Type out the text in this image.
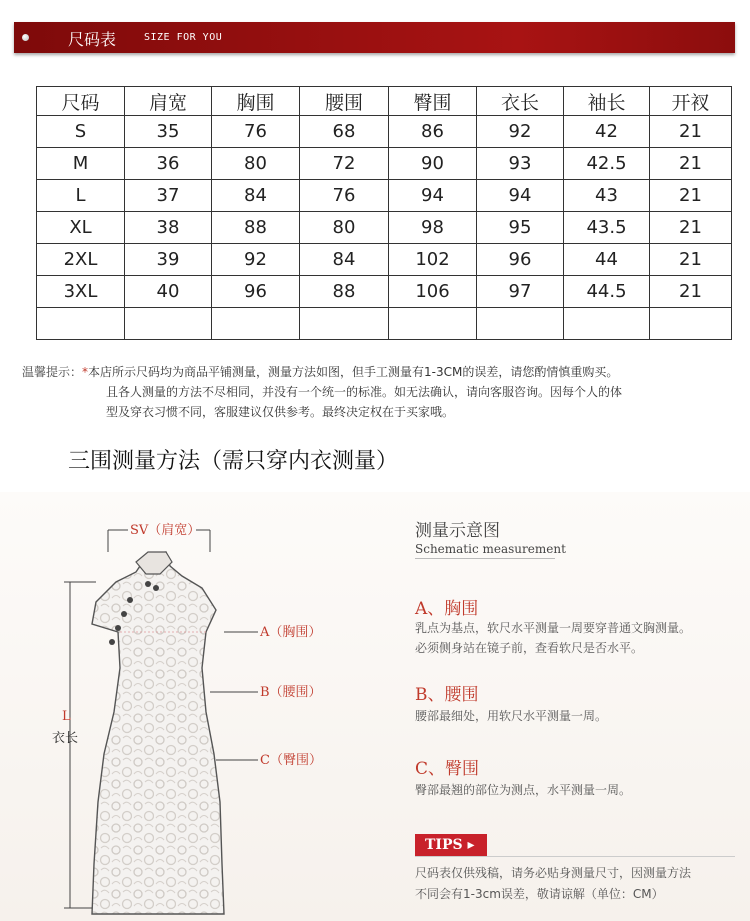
尺码表	SIZE FOR YOU
尺码	肩宽	胸围	腰围	臀围	衣长	袖长	开衩
S	35	76	68	86	92	42	21
M	36	80	72	90	93	42.5	21
L	37	84	76	94	94	43	21
XL	38	88	80	98	95	43.5	21
2XL	39	92	84	102	96	44	21
3XL	40	96	88	106	97	44.5	21

温馨提示：*本店所示尺码均为商品平铺测量，测量方法如图，但手工测量有1-3CM的误差，请您酌情慎重购买。
且各人测量的方法不尽相同，并没有一个统一的标准。如无法确认，请向客服咨询。因每个人的体
型及穿衣习惯不同，客服建议仅供参考。最终决定权在于买家哦。
三围测量方法（需只穿内衣测量）
SV（肩宽）
L
衣长
A（胸围）
B（腰围）
C（臀围）
测量示意图
Schematic measurement
A、胸围
乳点为基点，软尺水平测量一周要穿普通文胸测量。
必须侧身站在镜子前，查看软尺是否水平。
B、腰围
腰部最细处，用软尺水平测量一周。
C、臀围
臀部最翘的部位为测点，水平测量一周。
TIPS ▸
尺码表仅供残稿，请务必贴身测量尺寸，因测量方法
不同会有1-3cm误差，敬请谅解（单位：CM）
